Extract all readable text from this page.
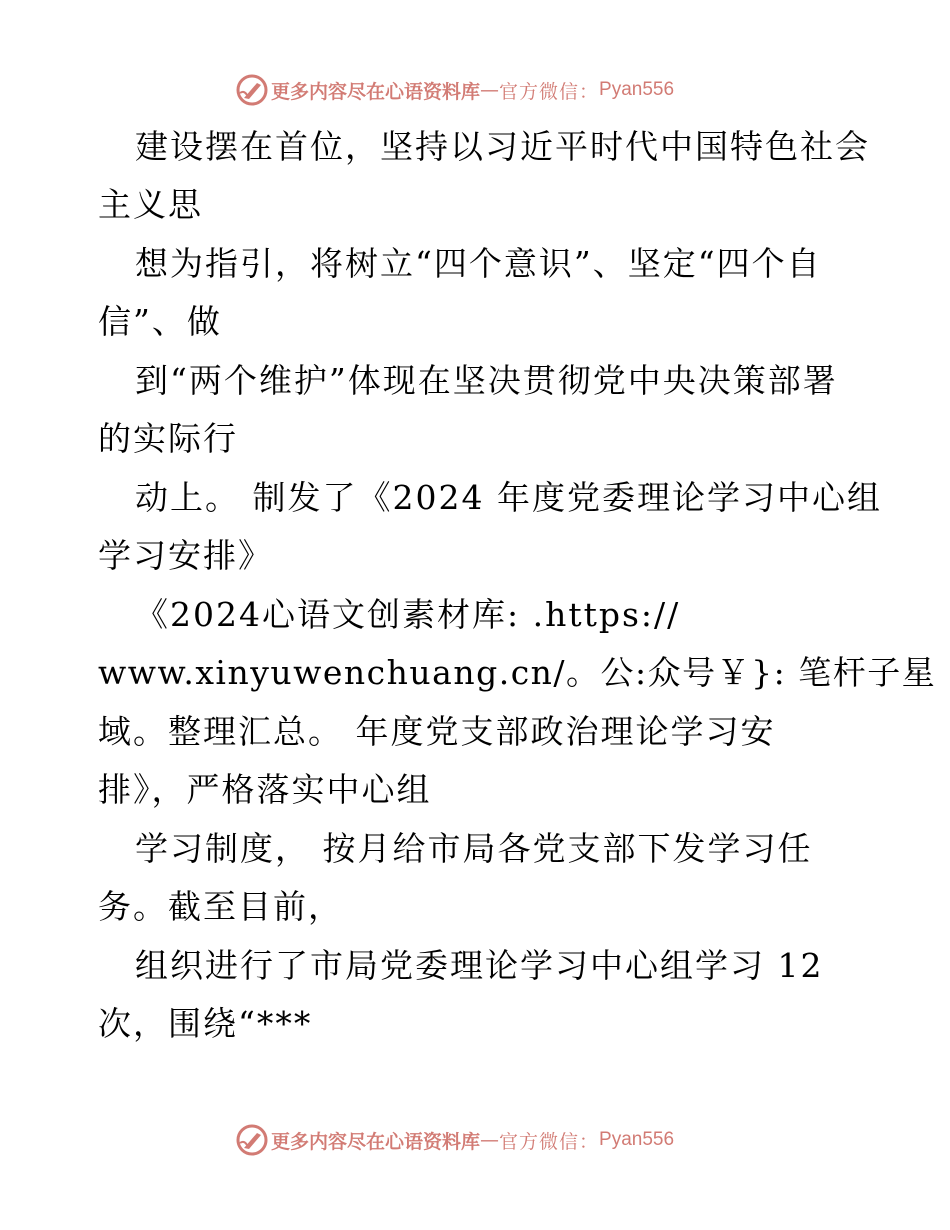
更多内容尽在心语资料库 — 官方微信： Pyan556
建设摆在首位，坚持以习近平时代中国特色社会
主义思
想为指引，将树立“四个意识”、坚定“四个自
信”、做
到“两个维护”体现在坚决贯彻党中央决策部署
的实际行
动上。 制发了《2024 年度党委理论学习中心组
学习安排》
《2024心语文创素材库: .https://
www.xinyuwenchuang.cn/。公:众号￥}: 笔杆子星
域。整理汇总。 年度党支部政治理论学习安
排》，严格落实中心组
学习制度， 按月给市局各党支部下发学习任
务。截至目前，
组织进行了市局党委理论学习中心组学习 12
次，围绕“***
更多内容尽在心语资料库 — 官方微信： Pyan556
